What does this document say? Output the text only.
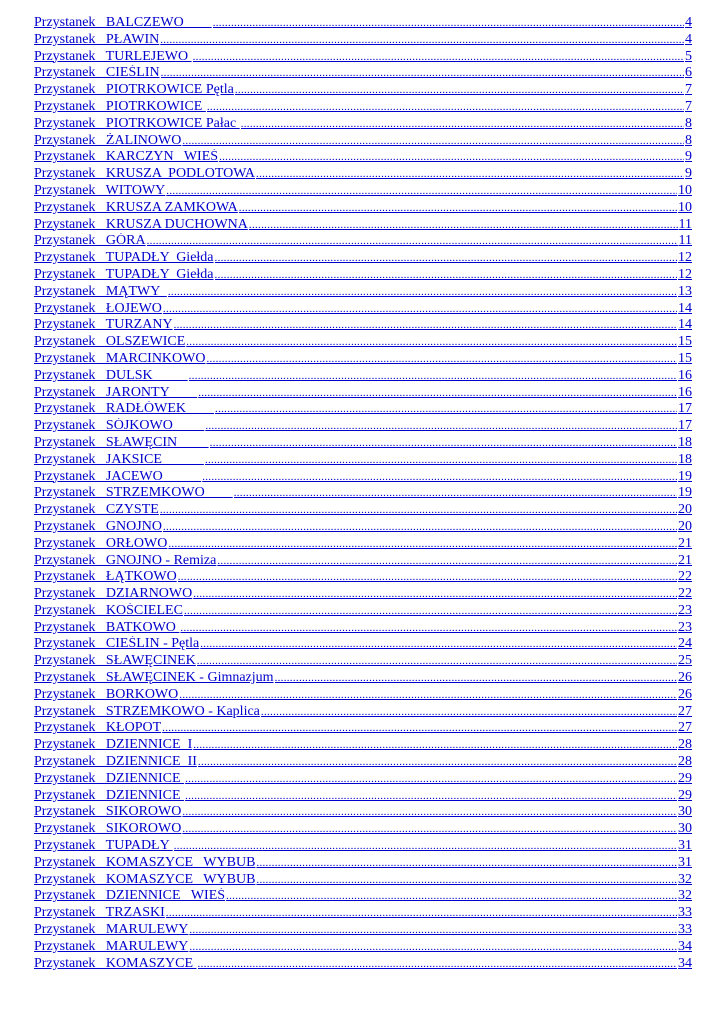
Przystanek   BALCZEWO .....	4
Przystanek   PŁAWIN .....	4
Przystanek   TURLEJEWO .....	5
Przystanek   CIEŚLIN .....	6
Przystanek   PIOTRKOWICE Pętla .....	7
Przystanek   PIOTRKOWICE .....	7
Przystanek   PIOTRKOWICE Pałac .....	8
Przystanek   ŻALINOWO .....	8
Przystanek   KARCZYN   WIEŚ .....	9
Przystanek   KRUSZA  PODLOTOWA .....	9
Przystanek   WITOWY .....	10
Przystanek   KRUSZA ZAMKOWA .....	10
Przystanek   KRUSZA DUCHOWNA .....	11
Przystanek   GÓRA .....	11
Przystanek   TUPADŁY  Giełda .....	12
Przystanek   TUPADŁY  Giełda .....	12
Przystanek   MĄTWY .....	13
Przystanek   ŁOJEWO .....	14
Przystanek   TURZANY .....	14
Przystanek   OLSZEWICE .....	15
Przystanek   MARCINKOWO .....	15
Przystanek   DULSK .....	16
Przystanek   JARONTY .....	16
Przystanek   RADŁÓWEK .....	17
Przystanek   SÓJKOWO .....	17
Przystanek   SŁAWĘCIN .....	18
Przystanek   JAKSICE .....	18
Przystanek   JACEWO .....	19
Przystanek   STRZEMKOWO .....	19
Przystanek   CZYSTE .....	20
Przystanek   GNOJNO .....	20
Przystanek   ORŁOWO .....	21
Przystanek   GNOJNO - Remiza .....	21
Przystanek   ŁĄTKOWO .....	22
Przystanek   DZIARNOWO .....	22
Przystanek   KOŚCIELEC .....	23
Przystanek   BATKOWO .....	23
Przystanek   CIEŚLIN - Pętla .....	24
Przystanek   SŁAWĘCINEK .....	25
Przystanek   SŁAWĘCINEK - Gimnazjum .....	26
Przystanek   BORKOWO .....	26
Przystanek   STRZEMKOWO - Kaplica .....	27
Przystanek   KŁOPOT .....	27
Przystanek   DZIENNICE  I .....	28
Przystanek   DZIENNICE  II .....	28
Przystanek   DZIENNICE .....	29
Przystanek   DZIENNICE .....	29
Przystanek   SIKOROWO .....	30
Przystanek   SIKOROWO .....	30
Przystanek   TUPADŁY .....	31
Przystanek   KOMASZYCE   WYBUB .....	31
Przystanek   KOMASZYCE   WYBUB .....	32
Przystanek   DZIENNICE   WIEŚ .....	32
Przystanek   TRZASKI .....	33
Przystanek   MARULEWY .....	33
Przystanek   MARULEWY .....	34
Przystanek   KOMASZYCE .....	34
